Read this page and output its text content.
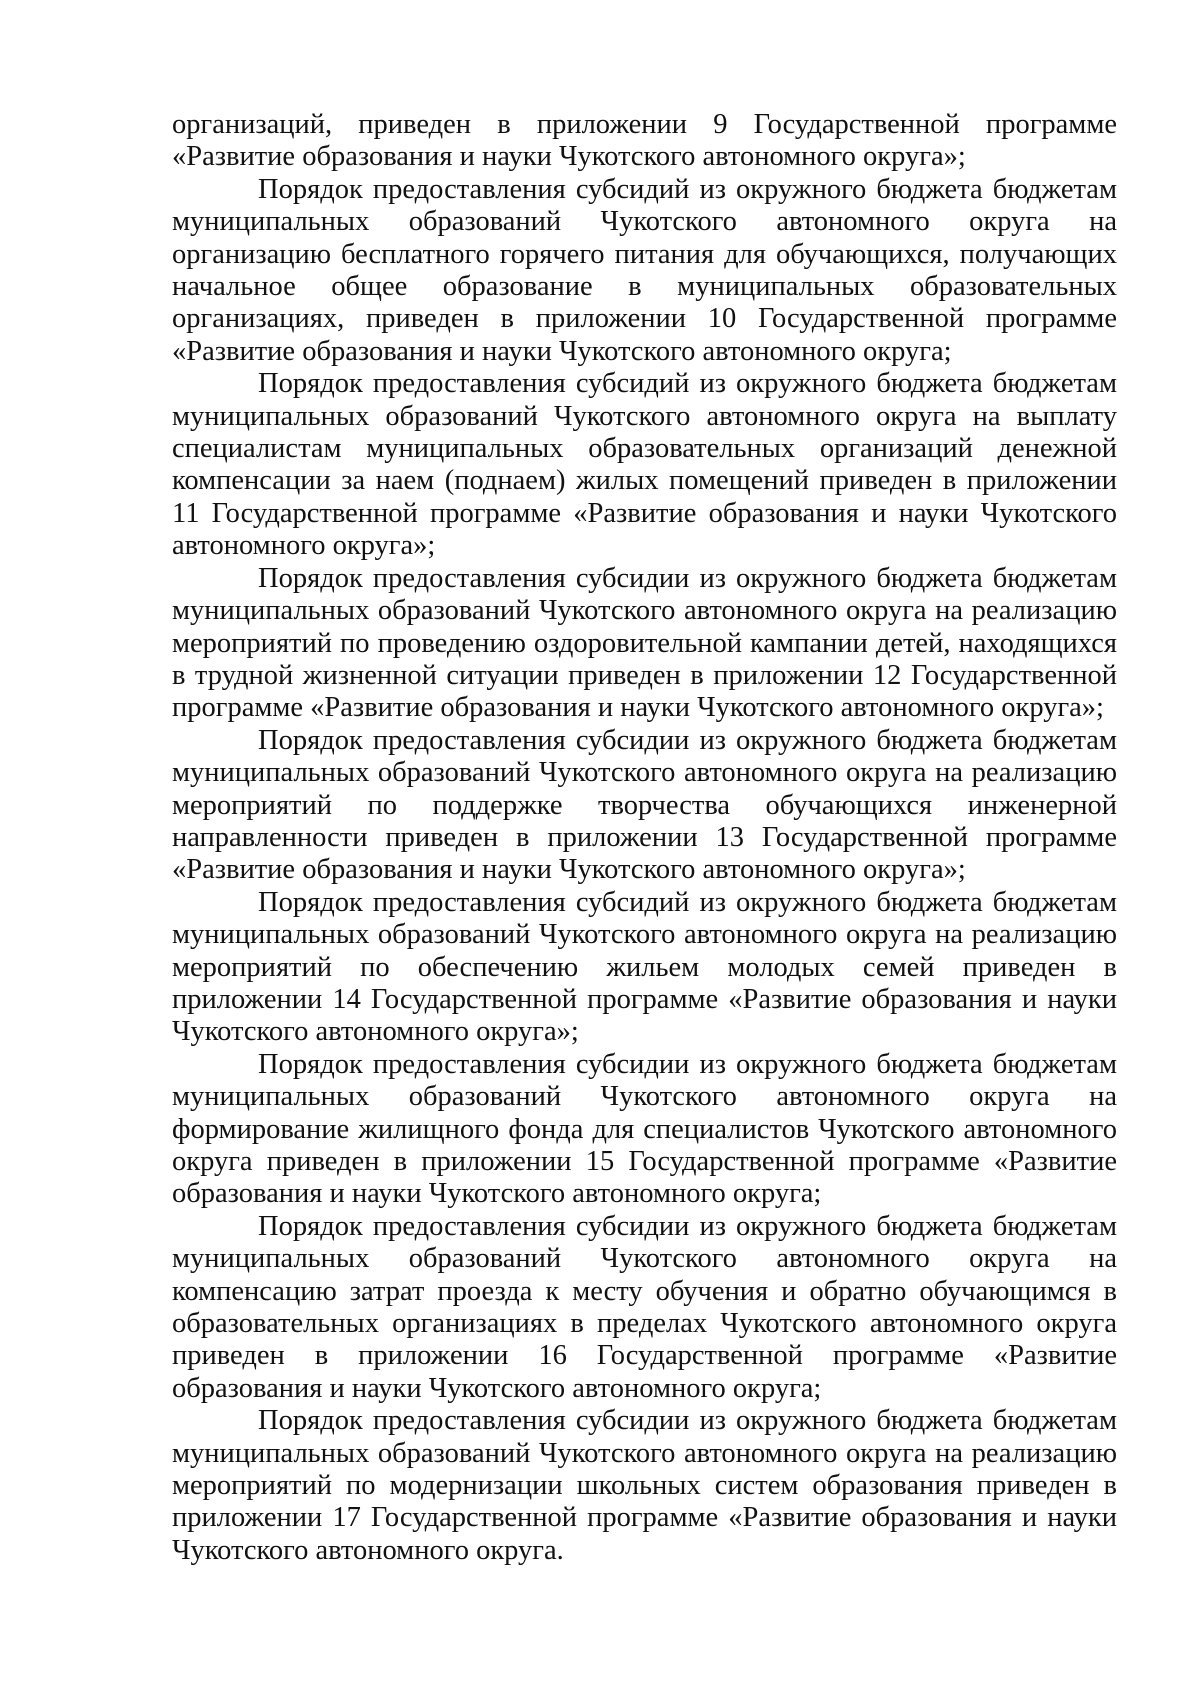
организаций, приведен в приложении 9 Государственной программе «Развитие образования и науки Чукотского автономного округа»;

Порядок предоставления субсидий из окружного бюджета бюджетам муниципальных образований Чукотского автономного округа на организацию бесплатного горячего питания для обучающихся, получающих начальное общее образование в муниципальных образовательных организациях, приведен в приложении 10 Государственной программе «Развитие образования и науки Чукотского автономного округа;

Порядок предоставления субсидий из окружного бюджета бюджетам муниципальных образований Чукотского автономного округа на выплату специалистам муниципальных образовательных организаций денежной компенсации за наем (поднаем) жилых помещений приведен в приложении 11 Государственной программе «Развитие образования и науки Чукотского автономного округа»;

Порядок предоставления субсидии из окружного бюджета бюджетам муниципальных образований Чукотского автономного округа на реализацию мероприятий по проведению оздоровительной кампании детей, находящихся в трудной жизненной ситуации приведен в приложении 12 Государственной программе «Развитие образования и науки Чукотского автономного округа»;

Порядок предоставления субсидии из окружного бюджета бюджетам муниципальных образований Чукотского автономного округа на реализацию мероприятий по поддержке творчества обучающихся инженерной направленности приведен в приложении 13 Государственной программе «Развитие образования и науки Чукотского автономного округа»;

Порядок предоставления субсидий из окружного бюджета бюджетам муниципальных образований Чукотского автономного округа на реализацию мероприятий по обеспечению жильем молодых семей приведен в приложении 14 Государственной программе «Развитие образования и науки Чукотского автономного округа»;

Порядок предоставления субсидии из окружного бюджета бюджетам муниципальных образований Чукотского автономного округа на формирование жилищного фонда для специалистов Чукотского автономного округа приведен в приложении 15 Государственной программе «Развитие образования и науки Чукотского автономного округа;

Порядок предоставления субсидии из окружного бюджета бюджетам муниципальных образований Чукотского автономного округа на компенсацию затрат проезда к месту обучения и обратно обучающимся в образовательных организациях в пределах Чукотского автономного округа приведен в приложении 16 Государственной программе «Развитие образования и науки Чукотского автономного округа;

Порядок предоставления субсидии из окружного бюджета бюджетам муниципальных образований Чукотского автономного округа на реализацию мероприятий по модернизации школьных систем образования приведен в приложении 17 Государственной программе «Развитие образования и науки Чукотского автономного округа.
